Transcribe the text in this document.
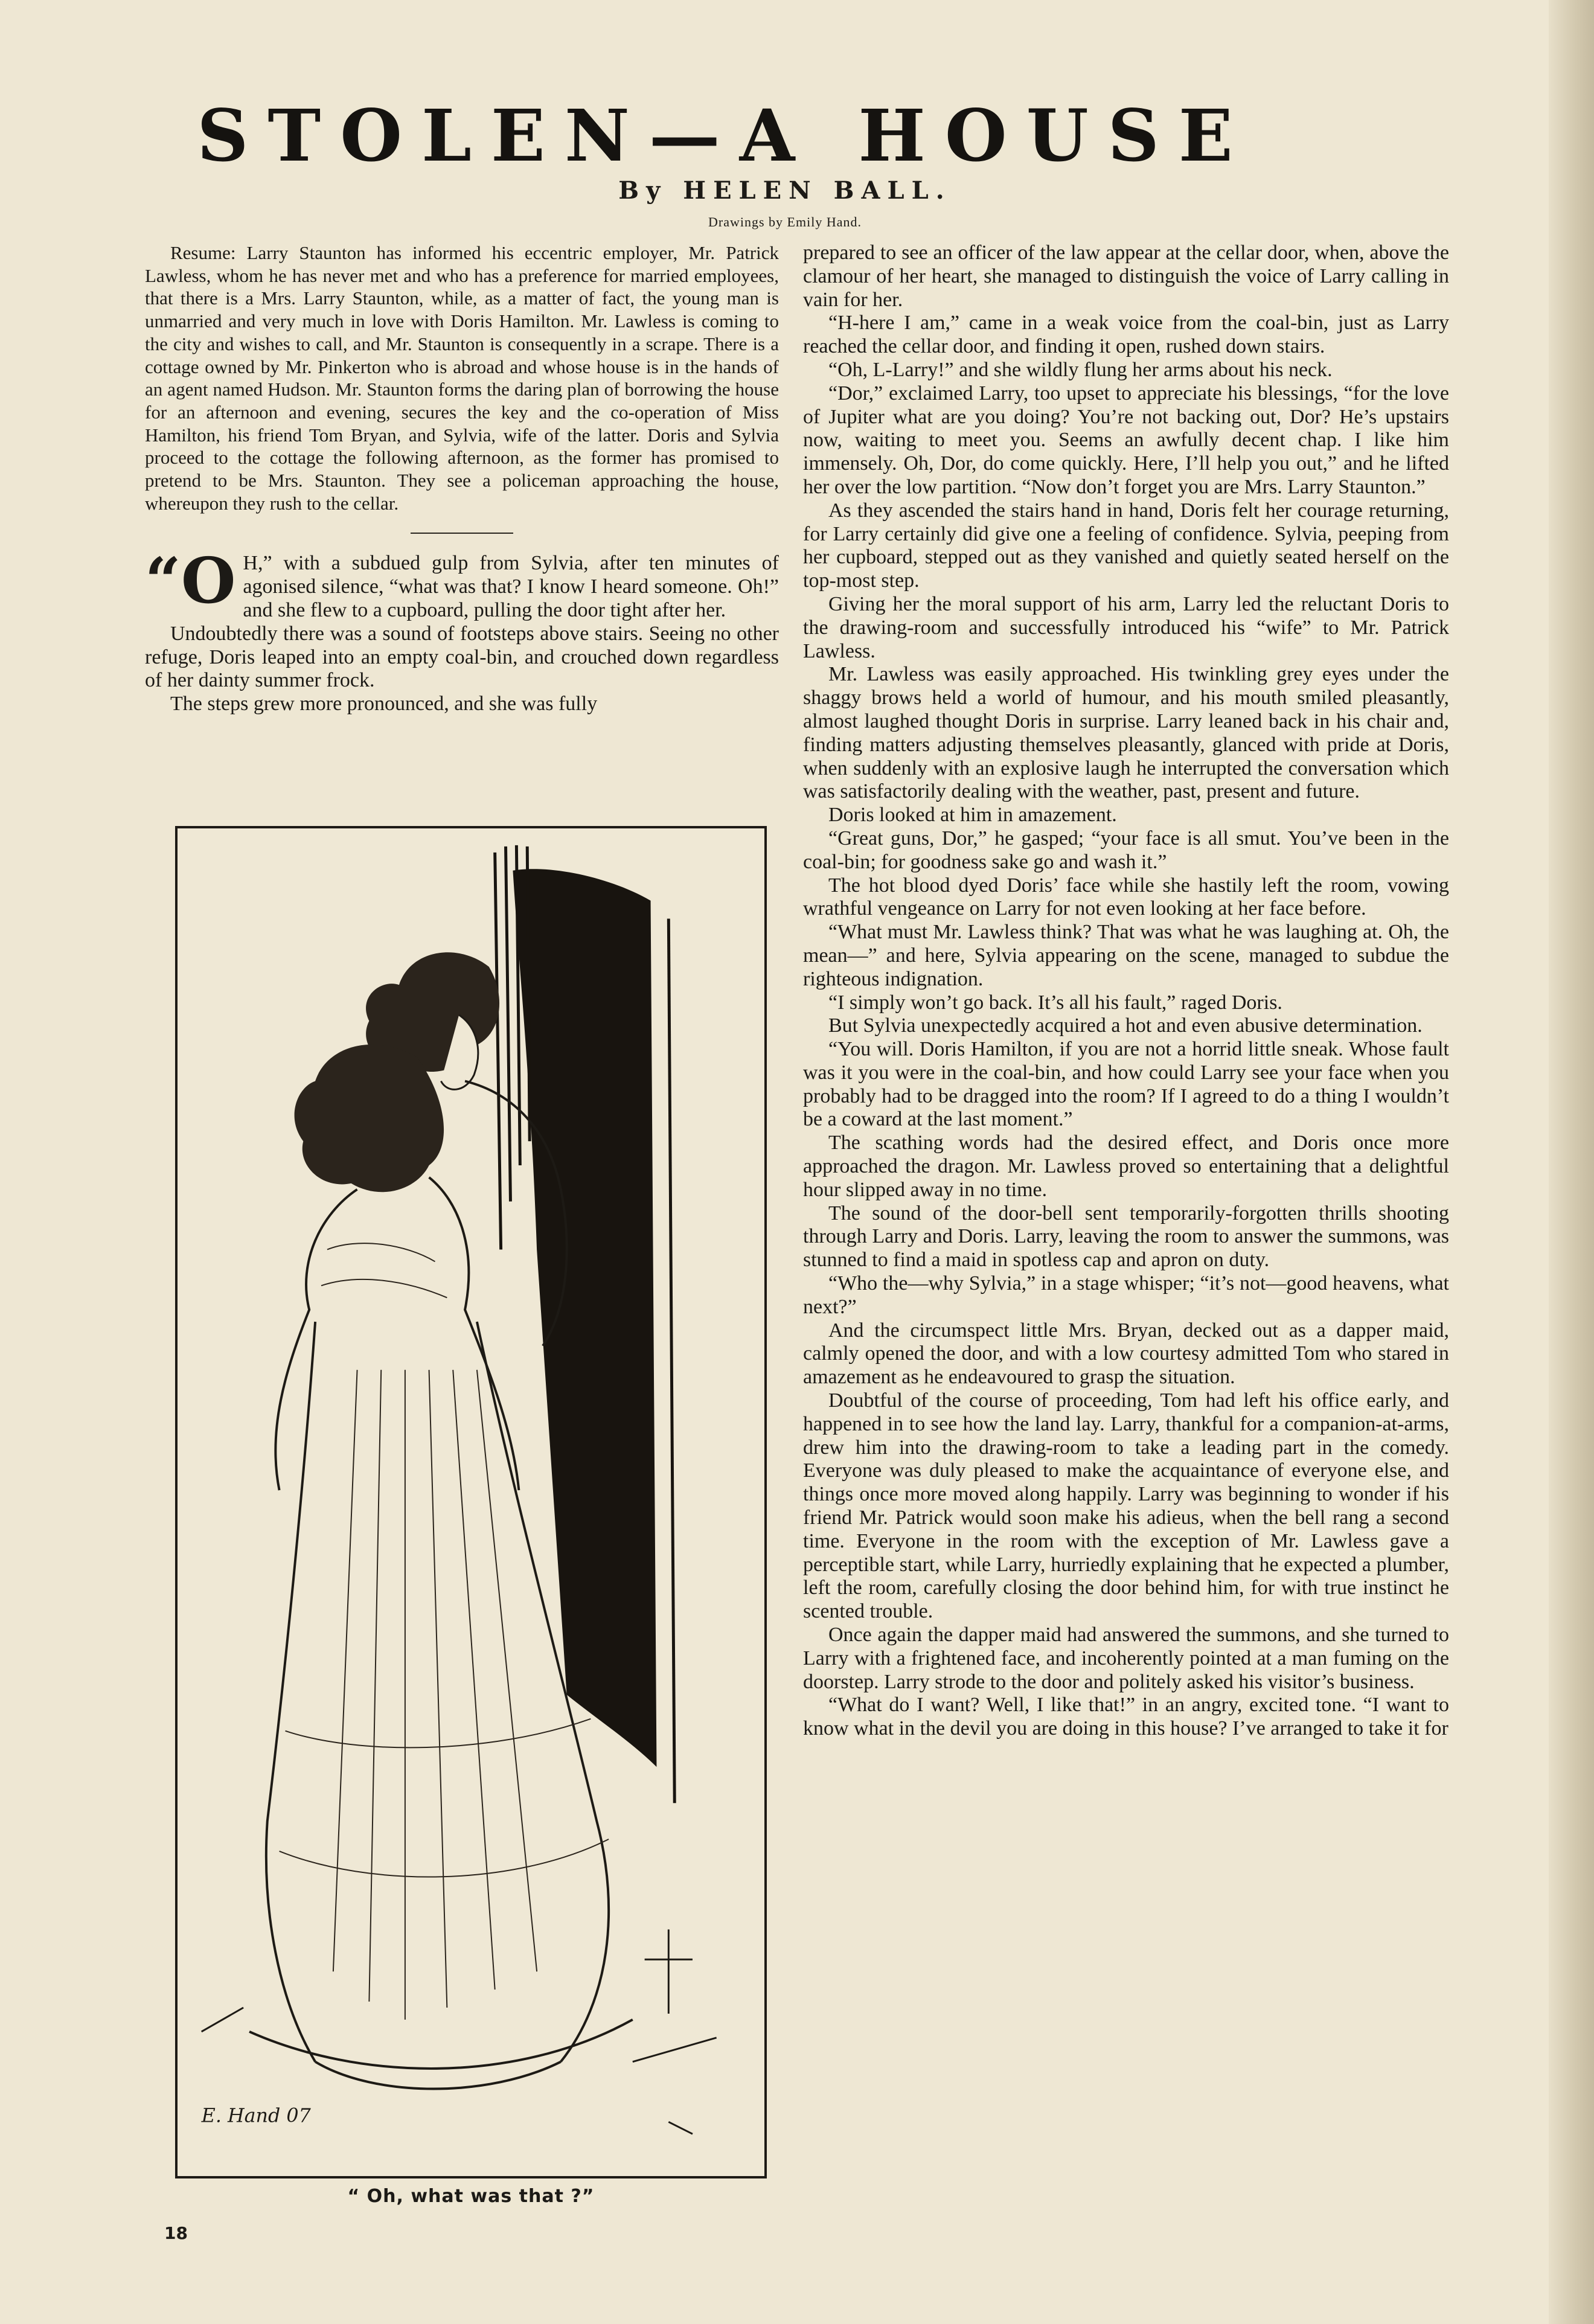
STOLEN—A HOUSE
By HELEN BALL.
Drawings by Emily Hand.

Resume: Larry Staunton has informed his eccentric employer, Mr. Patrick Lawless, whom he has never met and who has a preference for married employees, that there is a Mrs. Larry Staunton, while, as a matter of fact, the young man is unmarried and very much in love with Doris Hamilton. Mr. Lawless is coming to the city and wishes to call, and Mr. Staunton is consequently in a scrape. There is a cottage owned by Mr. Pinkerton who is abroad and whose house is in the hands of an agent named Hudson. Mr. Staunton forms the daring plan of borrowing the house for an afternoon and evening, secures the key and the co-operation of Miss Hamilton, his friend Tom Bryan, and Sylvia, wife of the latter. Doris and Sylvia proceed to the cottage the following afternoon, as the former has promised to pretend to be Mrs. Staunton. They see a policeman approaching the house, whereupon they rush to the cellar.

“O H,” with a subdued gulp from Sylvia, after ten minutes of agonised silence, “what was that? I know I heard someone. Oh!” and she flew to a cupboard, pulling the door tight after her.

Undoubtedly there was a sound of footsteps above stairs. Seeing no other refuge, Doris leaped into an empty coal-bin, and crouched down regardless of her dainty summer frock.

The steps grew more pronounced, and she was fully

E. Hand 07
“ Oh, what was that ?”

prepared to see an officer of the law appear at the cellar door, when, above the clamour of her heart, she managed to distinguish the voice of Larry calling in vain for her.

“H-here I am,” came in a weak voice from the coal-bin, just as Larry reached the cellar door, and finding it open, rushed down stairs.

“Oh, L-Larry!” and she wildly flung her arms about his neck.

“Dor,” exclaimed Larry, too upset to appreciate his blessings, “for the love of Jupiter what are you doing? You’re not backing out, Dor? He’s upstairs now, waiting to meet you. Seems an awfully decent chap. I like him immensely. Oh, Dor, do come quickly. Here, I’ll help you out,” and he lifted her over the low partition. “Now don’t forget you are Mrs. Larry Staunton.”

As they ascended the stairs hand in hand, Doris felt her courage returning, for Larry certainly did give one a feeling of confidence. Sylvia, peeping from her cupboard, stepped out as they vanished and quietly seated herself on the top-most step.

Giving her the moral support of his arm, Larry led the reluctant Doris to the drawing-room and successfully introduced his “wife” to Mr. Patrick Lawless.

Mr. Lawless was easily approached. His twinkling grey eyes under the shaggy brows held a world of humour, and his mouth smiled pleasantly, almost laughed thought Doris in surprise. Larry leaned back in his chair and, finding matters adjusting themselves pleasantly, glanced with pride at Doris, when suddenly with an explosive laugh he interrupted the conversation which was satisfactorily dealing with the weather, past, present and future.

Doris looked at him in amazement.

“Great guns, Dor,” he gasped; “your face is all smut. You’ve been in the coal-bin; for goodness sake go and wash it.”

The hot blood dyed Doris’ face while she hastily left the room, vowing wrathful vengeance on Larry for not even looking at her face before.

“What must Mr. Lawless think? That was what he was laughing at. Oh, the mean—” and here, Sylvia appearing on the scene, managed to subdue the righteous indignation.

“I simply won’t go back. It’s all his fault,” raged Doris.

But Sylvia unexpectedly acquired a hot and even abusive determination.

“You will. Doris Hamilton, if you are not a horrid little sneak. Whose fault was it you were in the coal-bin, and how could Larry see your face when you probably had to be dragged into the room? If I agreed to do a thing I wouldn’t be a coward at the last moment.”

The scathing words had the desired effect, and Doris once more approached the dragon. Mr. Lawless proved so entertaining that a delightful hour slipped away in no time.

The sound of the door-bell sent temporarily-forgotten thrills shooting through Larry and Doris. Larry, leaving the room to answer the summons, was stunned to find a maid in spotless cap and apron on duty.

“Who the—why Sylvia,” in a stage whisper; “it’s not—good heavens, what next?”

And the circumspect little Mrs. Bryan, decked out as a dapper maid, calmly opened the door, and with a low courtesy admitted Tom who stared in amazement as he endeavoured to grasp the situation.

Doubtful of the course of proceeding, Tom had left his office early, and happened in to see how the land lay. Larry, thankful for a companion-at-arms, drew him into the drawing-room to take a leading part in the comedy. Everyone was duly pleased to make the acquaintance of everyone else, and things once more moved along happily. Larry was beginning to wonder if his friend Mr. Patrick would soon make his adieus, when the bell rang a second time. Everyone in the room with the exception of Mr. Lawless gave a perceptible start, while Larry, hurriedly explaining that he expected a plumber, left the room, carefully closing the door behind him, for with true instinct he scented trouble.

Once again the dapper maid had answered the summons, and she turned to Larry with a frightened face, and incoherently pointed at a man fuming on the doorstep. Larry strode to the door and politely asked his visitor’s business.

“What do I want? Well, I like that!” in an angry, excited tone. “I want to know what in the devil you are doing in this house? I’ve arranged to take it for

18
